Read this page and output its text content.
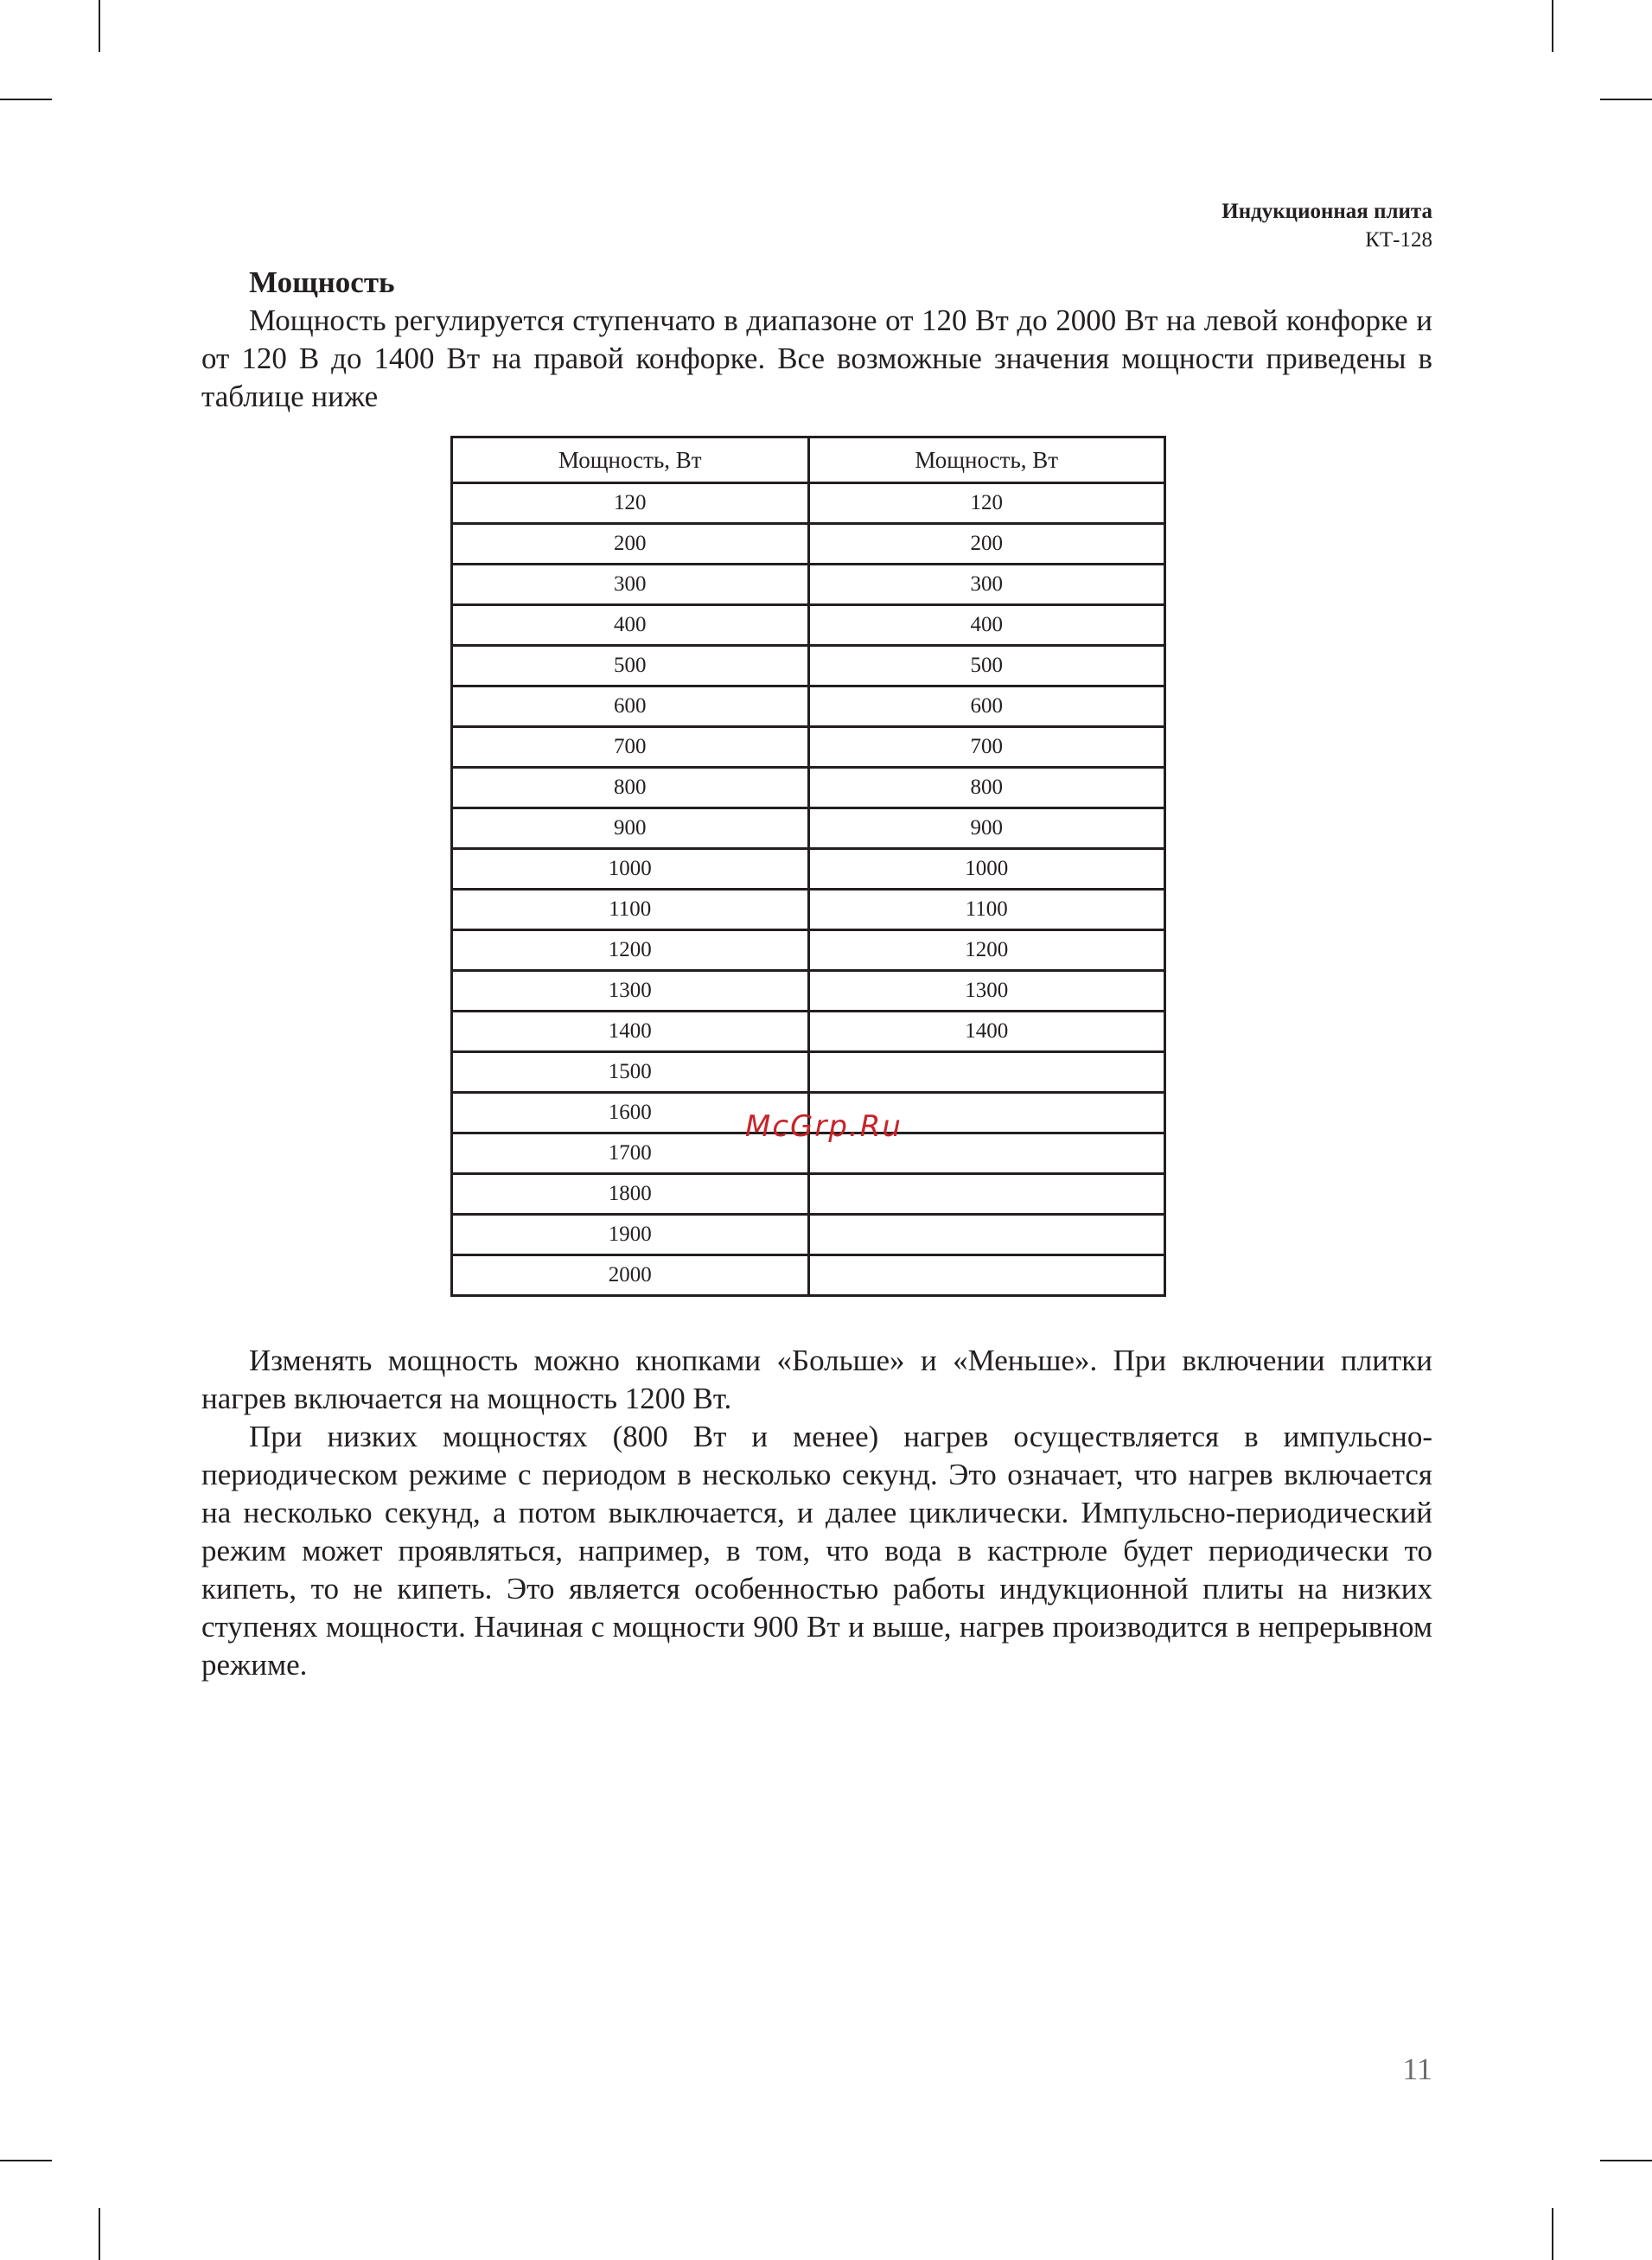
Индукционная плита
КТ-128
Мощность

Мощность регулируется ступенчато в диапазоне от 120 Вт до 2000 Вт на левой конфорке и от 120 В до 1400 Вт на правой конфорке. Все возможные значения мощности приведены в таблице ниже

Мощность, Вт	Мощность, Вт
120	120
200	200
300	300
400	400
500	500
600	600
700	700
800	800
900	900
1000	1000
1100	1100
1200	1200
1300	1300
1400	1400
1500	
1600	
1700	
1800	
1900	
2000	

Изменять мощность можно кнопками «Больше» и «Меньше». При включении плитки нагрев включается на мощность 1200 Вт.

При низких мощностях (800 Вт и менее) нагрев осуществляется в импульсно-периодическом режиме с периодом в несколько секунд. Это означает, что нагрев включается на несколько секунд, а потом выключается, и далее циклически. Импульсно-периодический режим может проявляться, например, в том, что вода в кастрюле будет периодически то кипеть, то не кипеть. Это является особенностью работы индукционной плиты на низких ступенях мощности. Начиная с мощности 900 Вт и выше, нагрев производится в непрерывном режиме.

McGrp.Ru
11
